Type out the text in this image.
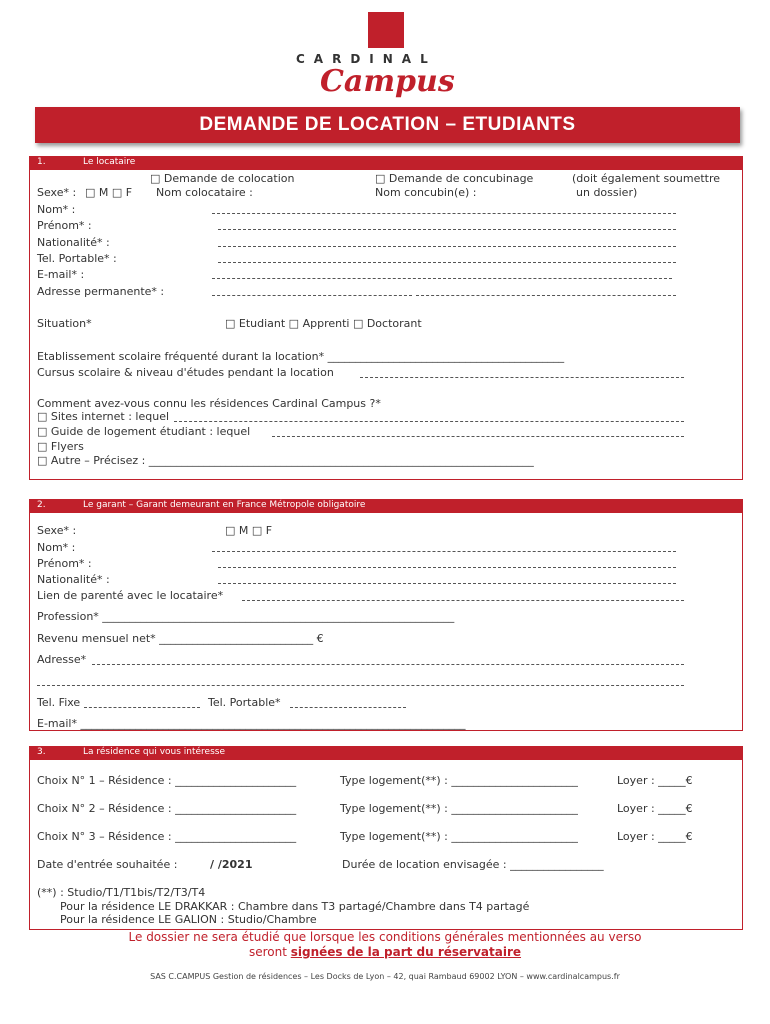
CARDINAL
Campus
DEMANDE DE LOCATION – ETUDIANTS
1.	Le locataire
□ Demande de colocation	□ Demande de concubinage	(doit également soumettre
un dossier)
Sexe* : □ M □ F Nom colocataire :	Nom concubin(e) :
Nom* :
Prénom* :
Nationalité* :
Tel. Portable* :
E-mail* :
Adresse permanente* :
Situation*	□ Etudiant □ Apprenti □ Doctorant
Etablissement scolaire fréquenté durant la location* ___________________________________________
Cursus scolaire & niveau d'études pendant la location
Comment avez-vous connu les résidences Cardinal Campus ?*
□ Sites internet : lequel
□ Guide de logement étudiant : lequel
□ Flyers
□ Autre – Précisez : ______________________________________________________________________
2.	Le garant – Garant demeurant en France Métropole obligatoire
Sexe* :	□ M □ F
Nom* :
Prénom* :
Nationalité* :
Lien de parenté avec le locataire*
Profession* ________________________________________________________________
Revenu mensuel net* ____________________________ €
Adresse*
Tel. Fixe	Tel. Portable*
E-mail* ______________________________________________________________________
3.	La résidence qui vous intéresse
Choix N° 1 – Résidence : ______________________	Type logement(**) : _______________________	Loyer : _____€
Choix N° 2 – Résidence : ______________________	Type logement(**) : _______________________	Loyer : _____€
Choix N° 3 – Résidence : ______________________	Type logement(**) : _______________________	Loyer : _____€
Date d'entrée souhaitée :	/ /2021	Durée de location envisagée : _________________
(**) : Studio/T1/T1bis/T2/T3/T4
Pour la résidence LE DRAKKAR : Chambre dans T3 partagé/Chambre dans T4 partagé
Pour la résidence LE GALION : Studio/Chambre
Le dossier ne sera étudié que lorsque les conditions générales mentionnées au verso
seront signées de la part du réservataire
SAS C.CAMPUS Gestion de résidences – Les Docks de Lyon – 42, quai Rambaud 69002 LYON – www.cardinalcampus.fr
